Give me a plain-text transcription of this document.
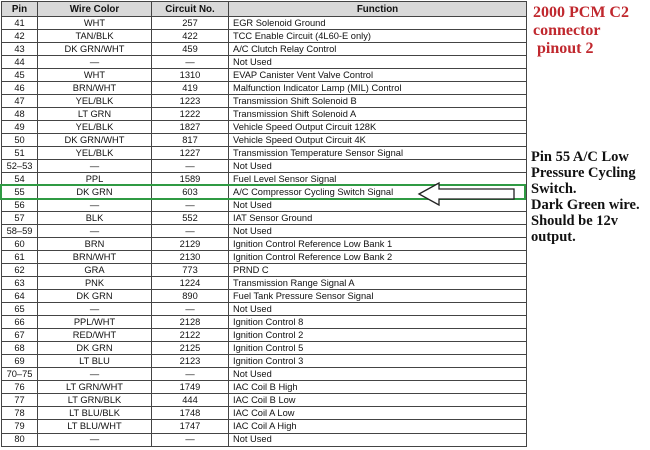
Pin	Wire Color	Circuit No.	Function
41	WHT	257	EGR Solenoid Ground
42	TAN/BLK	422	TCC Enable Circuit (4L60-E only)
43	DK GRN/WHT	459	A/C Clutch Relay Control
44	—	—	Not Used
45	WHT	1310	EVAP Canister Vent Valve Control
46	BRN/WHT	419	Malfunction Indicator Lamp (MIL) Control
47	YEL/BLK	1223	Transmission Shift Solenoid B
48	LT GRN	1222	Transmission Shift Solenoid A
49	YEL/BLK	1827	Vehicle Speed Output Circuit 128K
50	DK GRN/WHT	817	Vehicle Speed Output Circuit 4K
51	YEL/BLK	1227	Transmission Temperature Sensor Signal
52–53	—	—	Not Used
54	PPL	1589	Fuel Level Sensor Signal
55	DK GRN	603	A/C Compressor Cycling Switch Signal
56	—	—	Not Used
57	BLK	552	IAT Sensor Ground
58–59	—	—	Not Used
60	BRN	2129	Ignition Control Reference Low Bank 1
61	BRN/WHT	2130	Ignition Control Reference Low Bank 2
62	GRA	773	PRND C
63	PNK	1224	Transmission Range Signal A
64	DK GRN	890	Fuel Tank Pressure Sensor Signal
65	—	—	Not Used
66	PPL/WHT	2128	Ignition Control 8
67	RED/WHT	2122	Ignition Control 2
68	DK GRN	2125	Ignition Control 5
69	LT BLU	2123	Ignition Control 3
70–75	—	—	Not Used
76	LT GRN/WHT	1749	IAC Coil B High
77	LT GRN/BLK	444	IAC Coil B Low
78	LT BLU/BLK	1748	IAC Coil A Low
79	LT BLU/WHT	1747	IAC Coil A High
80	—	—	Not Used
2000 PCM C2
connector
pinout 2
Pin 55 A/C Low
Pressure Cycling
Switch.
Dark Green wire.
Should be 12v
output.
